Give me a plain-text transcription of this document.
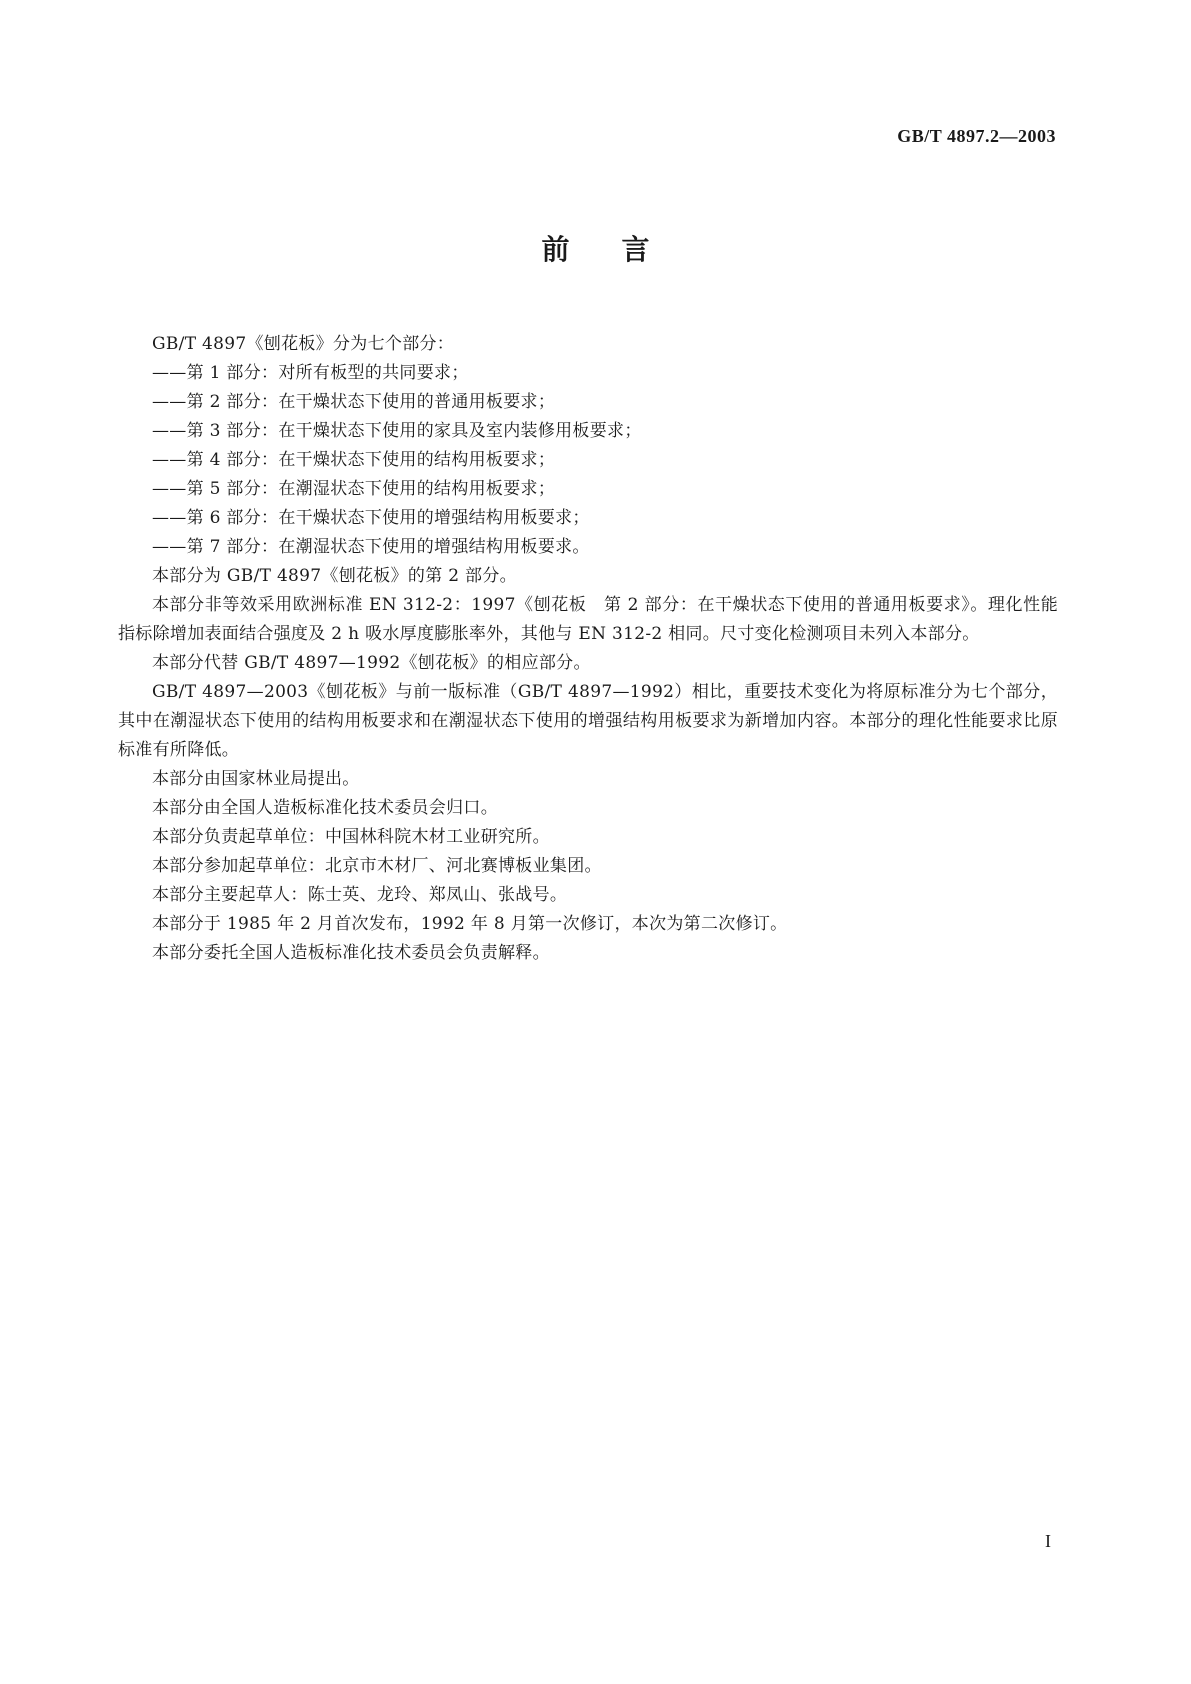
GB/T 4897.2—2003
前言

GB/T 4897《刨花板》分为七个部分：

——第 1 部分：对所有板型的共同要求；
——第 2 部分：在干燥状态下使用的普通用板要求；
——第 3 部分：在干燥状态下使用的家具及室内装修用板要求；
——第 4 部分：在干燥状态下使用的结构用板要求；
——第 5 部分：在潮湿状态下使用的结构用板要求；
——第 6 部分：在干燥状态下使用的增强结构用板要求；
——第 7 部分：在潮湿状态下使用的增强结构用板要求。

本部分为 GB/T 4897《刨花板》的第 2 部分。

本部分非等效采用欧洲标准 EN 312-2：1997《刨花板　第 2 部分：在干燥状态下使用的普通用板要求》。理化性能指标除增加表面结合强度及 2 h 吸水厚度膨胀率外，其他与 EN 312-2 相同。尺寸变化检测项目未列入本部分。

本部分代替 GB/T 4897—1992《刨花板》的相应部分。

GB/T 4897—2003《刨花板》与前一版标准（GB/T 4897—1992）相比，重要技术变化为将原标准分为七个部分，其中在潮湿状态下使用的结构用板要求和在潮湿状态下使用的增强结构用板要求为新增加内容。本部分的理化性能要求比原标准有所降低。

本部分由国家林业局提出。

本部分由全国人造板标准化技术委员会归口。

本部分负责起草单位：中国林科院木材工业研究所。

本部分参加起草单位：北京市木材厂、河北赛博板业集团。

本部分主要起草人：陈士英、龙玲、郑凤山、张战号。

本部分于 1985 年 2 月首次发布，1992 年 8 月第一次修订，本次为第二次修订。

本部分委托全国人造板标准化技术委员会负责解释。

I
